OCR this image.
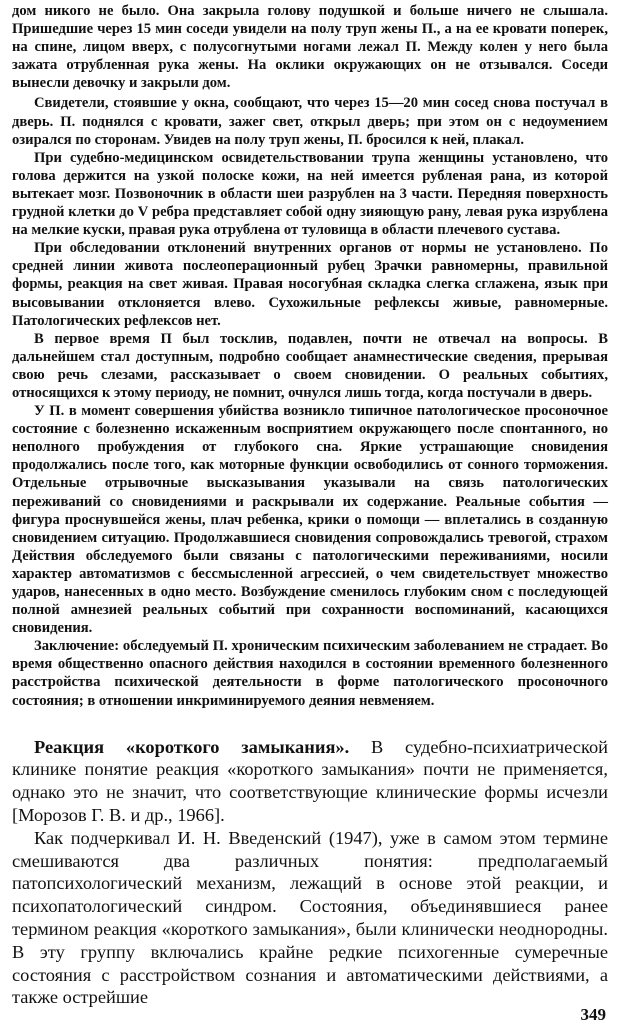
дом никого не было. Она закрыла голову подушкой и больше ничего не слышала. Пришедшие через 15 мин соседи увидели на полу труп жены П., а на ее кровати поперек, на спине, лицом вверх, с полусогнутыми ногами лежал П. Между колен у него была зажата отрубленная рука жены. На оклики окружающих он не отзывался. Соседи вынесли девочку и закрыли дом.

Свидетели, стоявшие у окна, сообщают, что через 15—20 мин сосед снова постучал в дверь. П. поднялся с кровати, зажег свет, открыл дверь; при этом он с недоумением озирался по сторонам. Увидев на полу труп жены, П. бросился к ней, плакал.

При судебно-медицинском освидетельствовании трупа женщины установлено, что голова держится на узкой полоске кожи, на ней имеется рубленая рана, из которой вытекает мозг. Позвоночник в области шеи разрублен на 3 части. Передняя поверхность грудной клетки до V ребра представляет собой одну зияющую рану, левая рука изрублена на мелкие куски, правая рука отрублена от туловища в области плечевого сустава.

При обследовании отклонений внутренних органов от нормы не установлено. По средней линии живота послеоперационный рубец Зрачки равномерны, правильной формы, реакция на свет живая. Правая носогубная складка слегка сглажена, язык при высовывании отклоняется влево. Сухожильные рефлексы живые, равномерные. Патологических рефлексов нет.

В первое время П был тосклив, подавлен, почти не отвечал на вопросы. В дальнейшем стал доступным, подробно сообщает анамнестические сведения, прерывая свою речь слезами, рассказывает о своем сновидении. О реальных событиях, относящихся к этому периоду, не помнит, очнулся лишь тогда, когда постучали в дверь.

У П. в момент совершения убийства возникло типичное патологическое просоночное состояние с болезненно искаженным восприятием окружающего после спонтанного, но неполного пробуждения от глубокого сна. Яркие устрашающие сновидения продолжались после того, как моторные функции освободились от сонного торможения. Отдельные отрывочные высказывания указывали на связь патологических переживаний со сновидениями и раскрывали их содержание. Реальные события — фигура проснувшейся жены, плач ребенка, крики о помощи — вплетались в созданную сновидением ситуацию. Продолжавшиеся сновидения сопровождались тревогой, страхом Действия обследуемого были связаны с патологическими переживаниями, носили характер автоматизмов с бессмысленной агрессией, о чем свидетельствует множество ударов, нанесенных в одно место. Возбуждение сменилось глубоким сном с последующей полной амнезией реальных событий при сохранности воспоминаний, касающихся сновидения.

Заключение: обследуемый П. хроническим психическим заболеванием не страдает. Во время общественно опасного действия находился в состоянии временного болезненного расстройства психической деятельности в форме патологического просоночного состояния; в отношении инкриминируемого деяния невменяем.

Реакция «короткого замыкания». В судебно-психиатрической клинике понятие реакция «короткого замыкания» почти не применяется, однако это не значит, что соответствующие клинические формы исчезли [Морозов Г. В. и др., 1966].

Как подчеркивал И. Н. Введенский (1947), уже в самом этом термине смешиваются два различных понятия: предполагаемый патопсихологический механизм, лежащий в основе этой реакции, и психопатологический синдром. Состояния, объединявшиеся ранее термином реакция «короткого замыкания», были клинически неоднородны. В эту группу включались крайне редкие психогенные сумеречные состояния с расстройством сознания и автоматическими действиями, а также острейшие

349
